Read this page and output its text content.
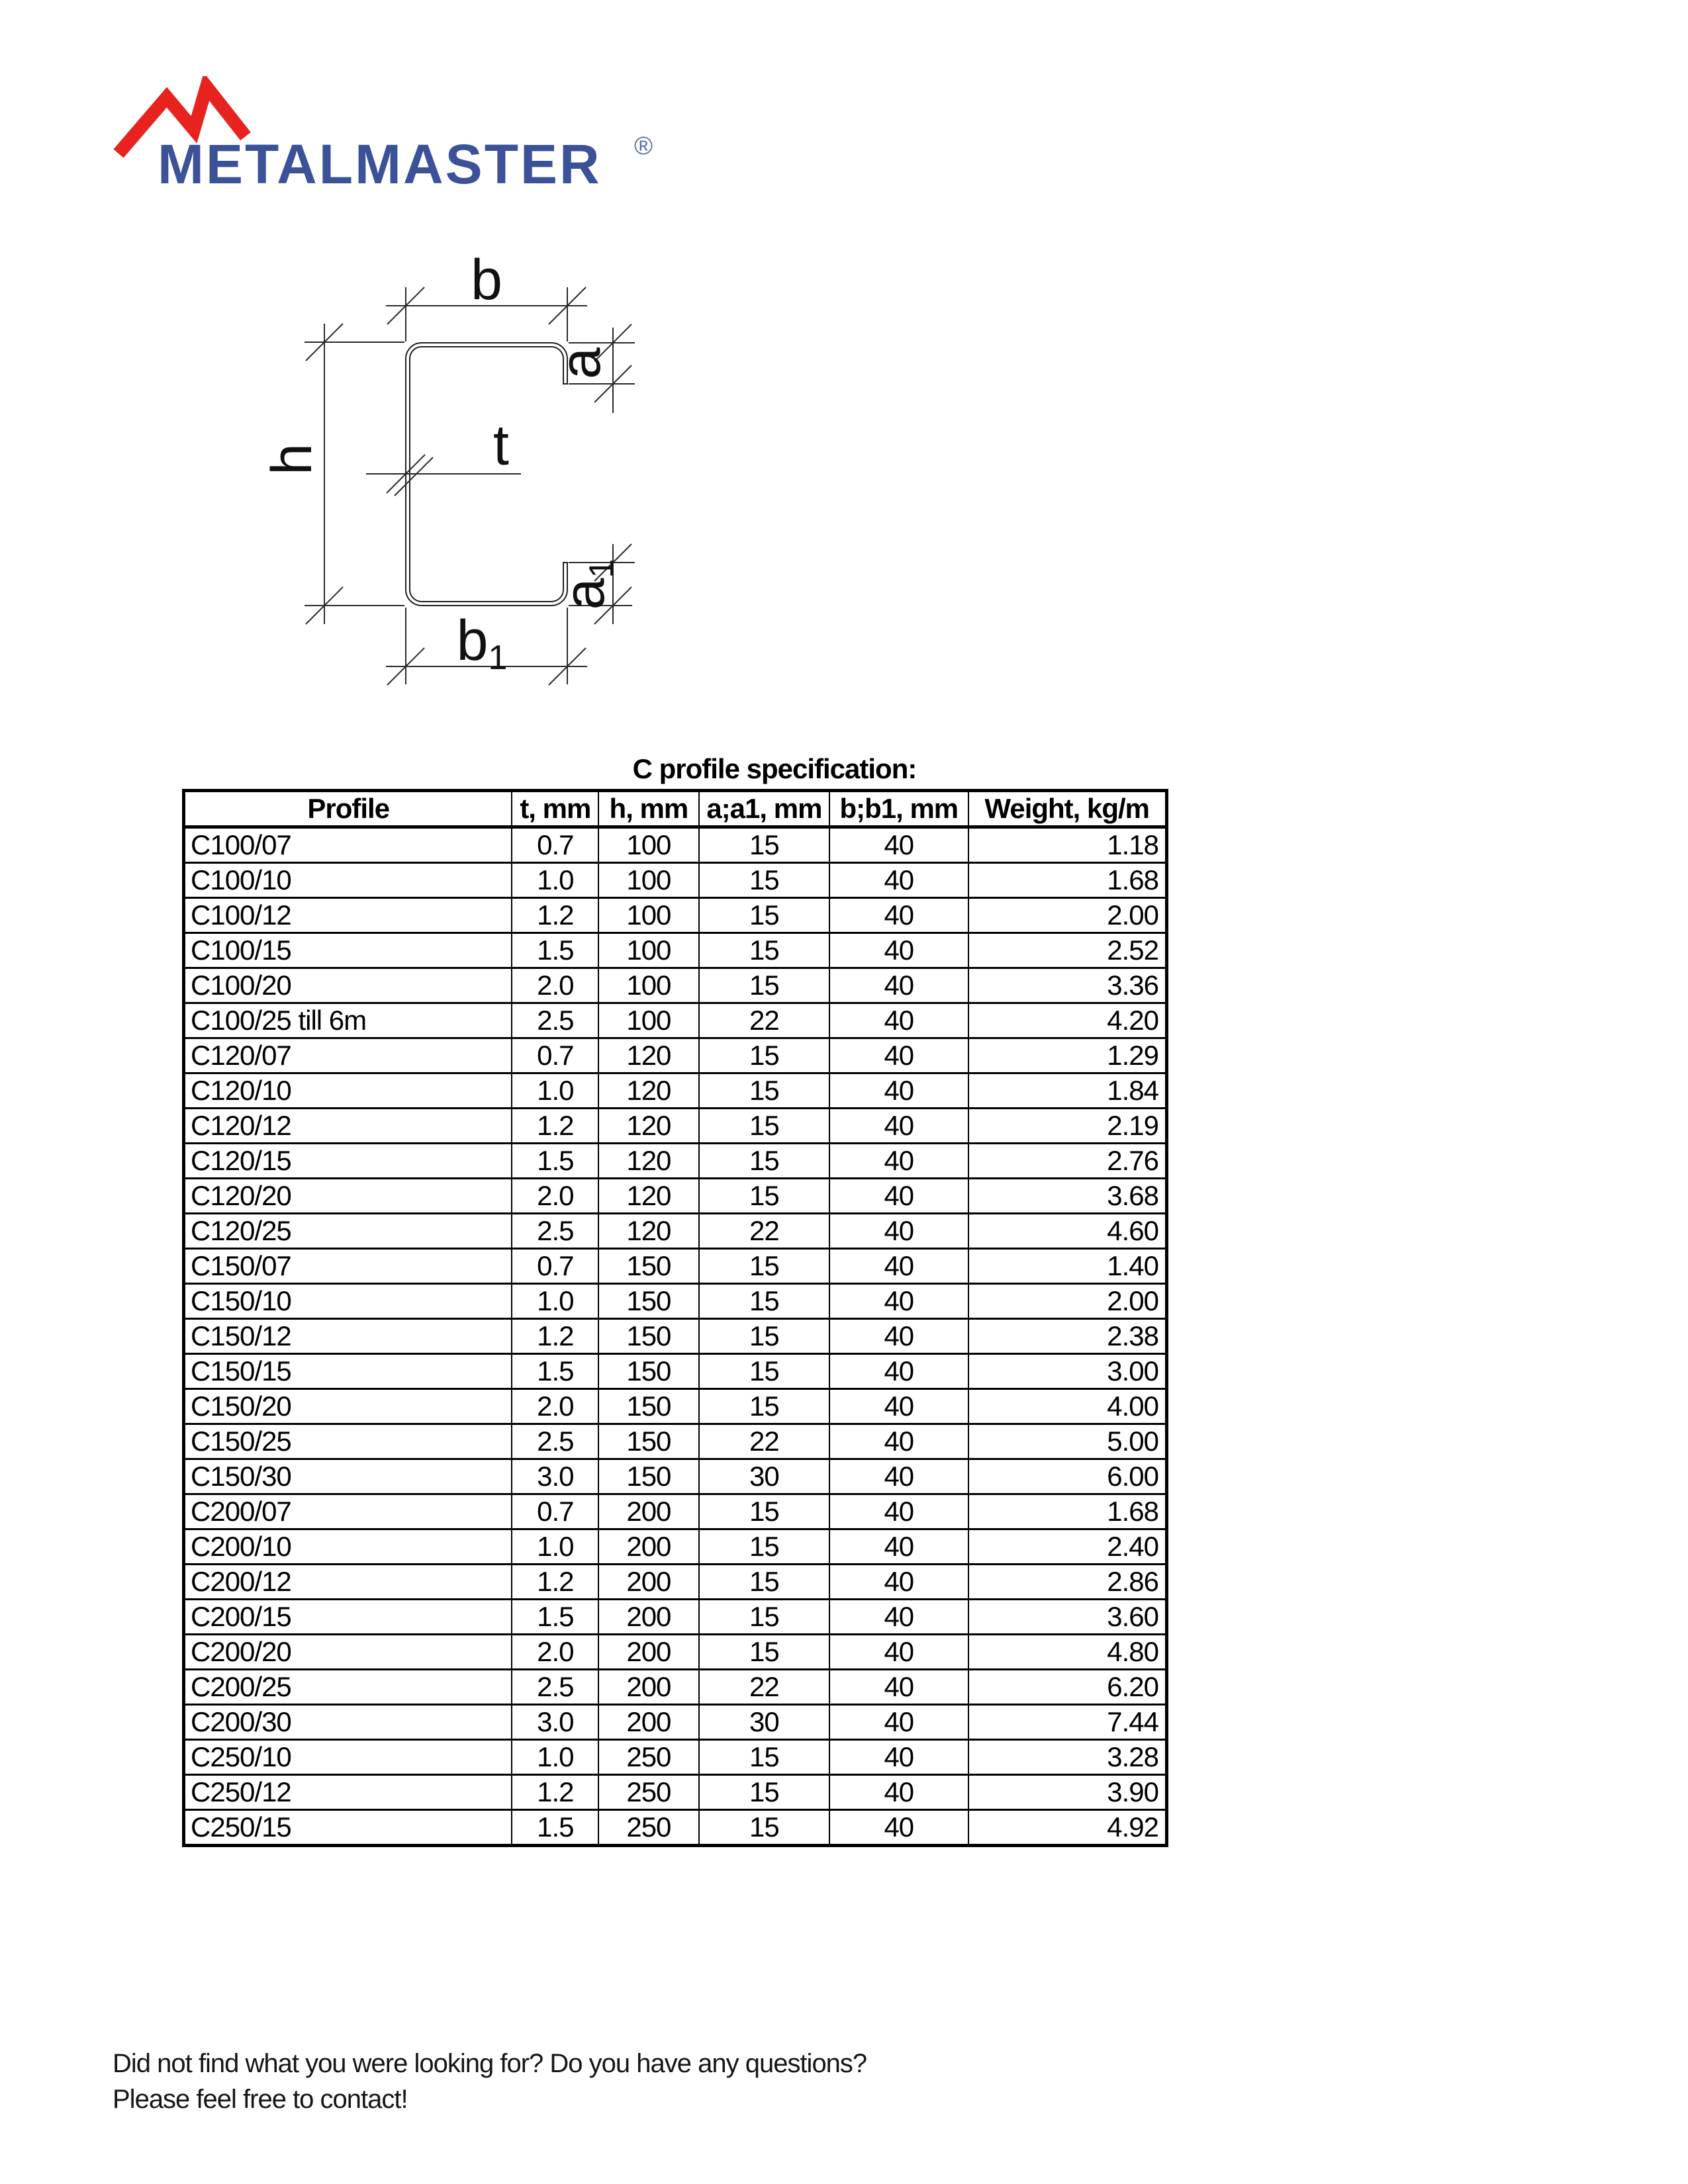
METALMASTER ®
b
h	t
a
a1
b1
C profile specification:
Profile	t, mm	h, mm	a;a1, mm	b;b1, mm	Weight, kg/m
C100/07	0.7	100	15	40	1.18
C100/10	1.0	100	15	40	1.68
C100/12	1.2	100	15	40	2.00
C100/15	1.5	100	15	40	2.52
C100/20	2.0	100	15	40	3.36
C100/25 till 6m	2.5	100	22	40	4.20
C120/07	0.7	120	15	40	1.29
C120/10	1.0	120	15	40	1.84
C120/12	1.2	120	15	40	2.19
C120/15	1.5	120	15	40	2.76
C120/20	2.0	120	15	40	3.68
C120/25	2.5	120	22	40	4.60
C150/07	0.7	150	15	40	1.40
C150/10	1.0	150	15	40	2.00
C150/12	1.2	150	15	40	2.38
C150/15	1.5	150	15	40	3.00
C150/20	2.0	150	15	40	4.00
C150/25	2.5	150	22	40	5.00
C150/30	3.0	150	30	40	6.00
C200/07	0.7	200	15	40	1.68
C200/10	1.0	200	15	40	2.40
C200/12	1.2	200	15	40	2.86
C200/15	1.5	200	15	40	3.60
C200/20	2.0	200	15	40	4.80
C200/25	2.5	200	22	40	6.20
C200/30	3.0	200	30	40	7.44
C250/10	1.0	250	15	40	3.28
C250/12	1.2	250	15	40	3.90
C250/15	1.5	250	15	40	4.92
Did not find what you were looking for? Do you have any questions?
Please feel free to contact!
